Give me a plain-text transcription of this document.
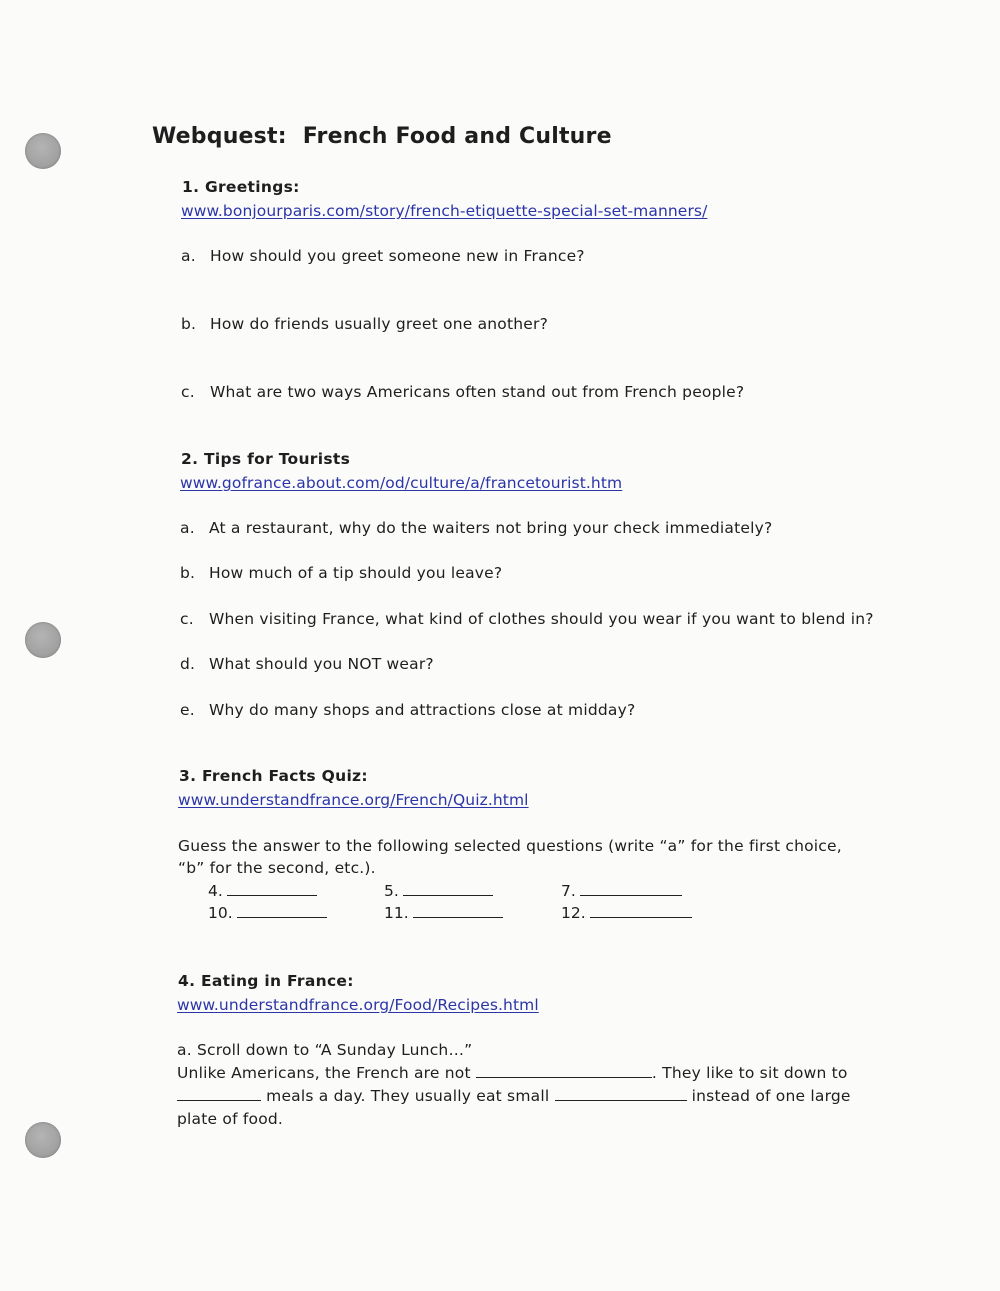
Webquest: French Food and Culture
1. Greetings:
www.bonjourparis.com/story/french-etiquette-special-set-manners/
a. How should you greet someone new in France?
b. How do friends usually greet one another?
c. What are two ways Americans often stand out from French people?
2. Tips for Tourists
www.gofrance.about.com/od/culture/a/francetourist.htm
a. At a restaurant, why do the waiters not bring your check immediately?
b. How much of a tip should you leave?
c. When visiting France, what kind of clothes should you wear if you want to blend in?
d. What should you NOT wear?
e. Why do many shops and attractions close at midday?
3. French Facts Quiz:
www.understandfrance.org/French/Quiz.html
Guess the answer to the following selected questions (write “a” for the first choice, “b” for the second, etc.).
4.	5.	7.
10.	11.	12.
4. Eating in France:
www.understandfrance.org/Food/Recipes.html
a. Scroll down to “A Sunday Lunch…”
Unlike Americans, the French are not	. They like to sit down to
meals a day. They usually eat small	instead of one large
plate of food.
